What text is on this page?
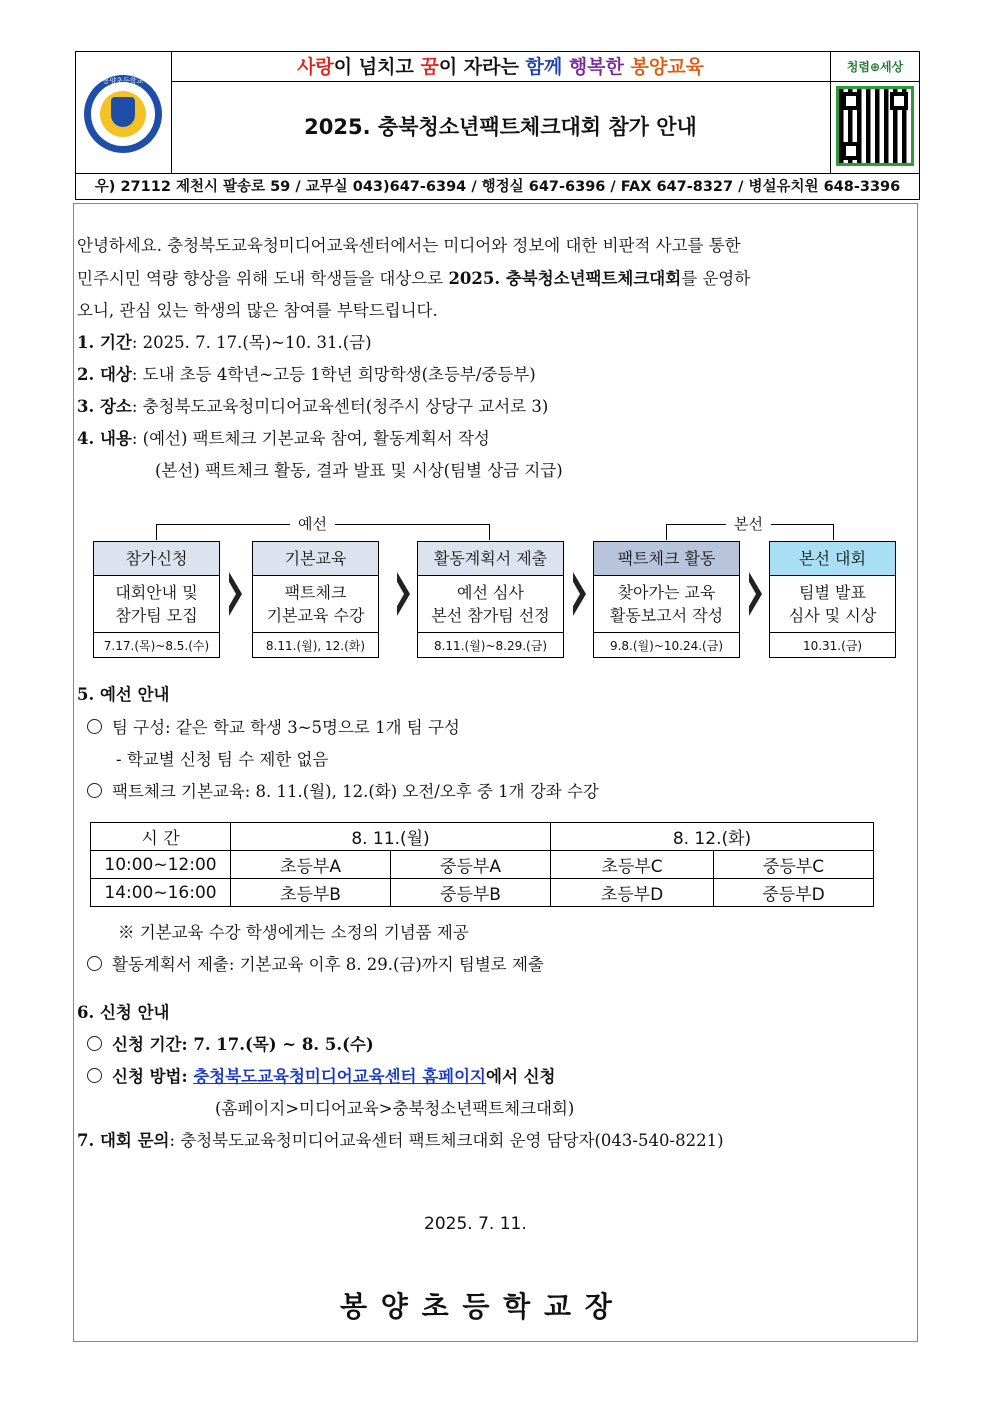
봉양초등학교
사랑이 넘치고 꿈이 자라는 함께 행복한 봉양교육
2025. 충북청소년팩트체크대회 참가 안내
청렴⊕세상
우) 27112 제천시 팔송로 59 / 교무실 043)647-6394 / 행정실 647-6396 / FAX 647-8327 / 병설유치원 648-3396
안녕하세요. 충청북도교육청미디어교육센터에서는 미디어와 정보에 대한 비판적 사고를 통한
민주시민 역량 향상을 위해 도내 학생들을 대상으로 2025. 충북청소년팩트체크대회를 운영하
오니, 관심 있는 학생의 많은 참여를 부탁드립니다.
1. 기간: 2025. 7. 17.(목)~10. 31.(금)
2. 대상: 도내 초등 4학년~고등 1학년 희망학생(초등부/중등부)
3. 장소: 충청북도교육청미디어교육센터(청주시 상당구 교서로 3)
4. 내용: (예선) 팩트체크 기본교육 참여, 활동계획서 작성
(본선) 팩트체크 활동, 결과 발표 및 시상(팀별 상금 지급)
예선	본선
참가신청
대회안내 및
참가팀 모집
7.17.(목)~8.5.(수)
기본교육
팩트체크
기본교육 수강
8.11.(월), 12.(화)
활동계획서 제출
예선 심사
본선 참가팀 선정
8.11.(월)~8.29.(금)
팩트체크 활동
찾아가는 교육
활동보고서 작성
9.8.(월)~10.24.(금)
본선 대회
팀별 발표
심사 및 시상
10.31.(금)
5. 예선 안내
팀 구성: 같은 학교 학생 3~5명으로 1개 팀 구성
- 학교별 신청 팀 수 제한 없음
팩트체크 기본교육: 8. 11.(월), 12.(화) 오전/오후 중 1개 강좌 수강
시 간	8. 11.(월)		8. 12.(화)	
10:00~12:00	초등부A	중등부A	초등부C	중등부C
14:00~16:00	초등부B	중등부B	초등부D	중등부D
※ 기본교육 수강 학생에게는 소정의 기념품 제공
활동계획서 제출: 기본교육 이후 8. 29.(금)까지 팀별로 제출
6. 신청 안내
신청 기간: 7. 17.(목) ~ 8. 5.(수)
신청 방법: 충청북도교육청미디어교육센터 홈페이지에서 신청
(홈페이지>미디어교육>충북청소년팩트체크대회)
7. 대회 문의: 충청북도교육청미디어교육센터 팩트체크대회 운영 담당자(043-540-8221)
2025. 7. 11.
봉 양 초 등 학 교 장
